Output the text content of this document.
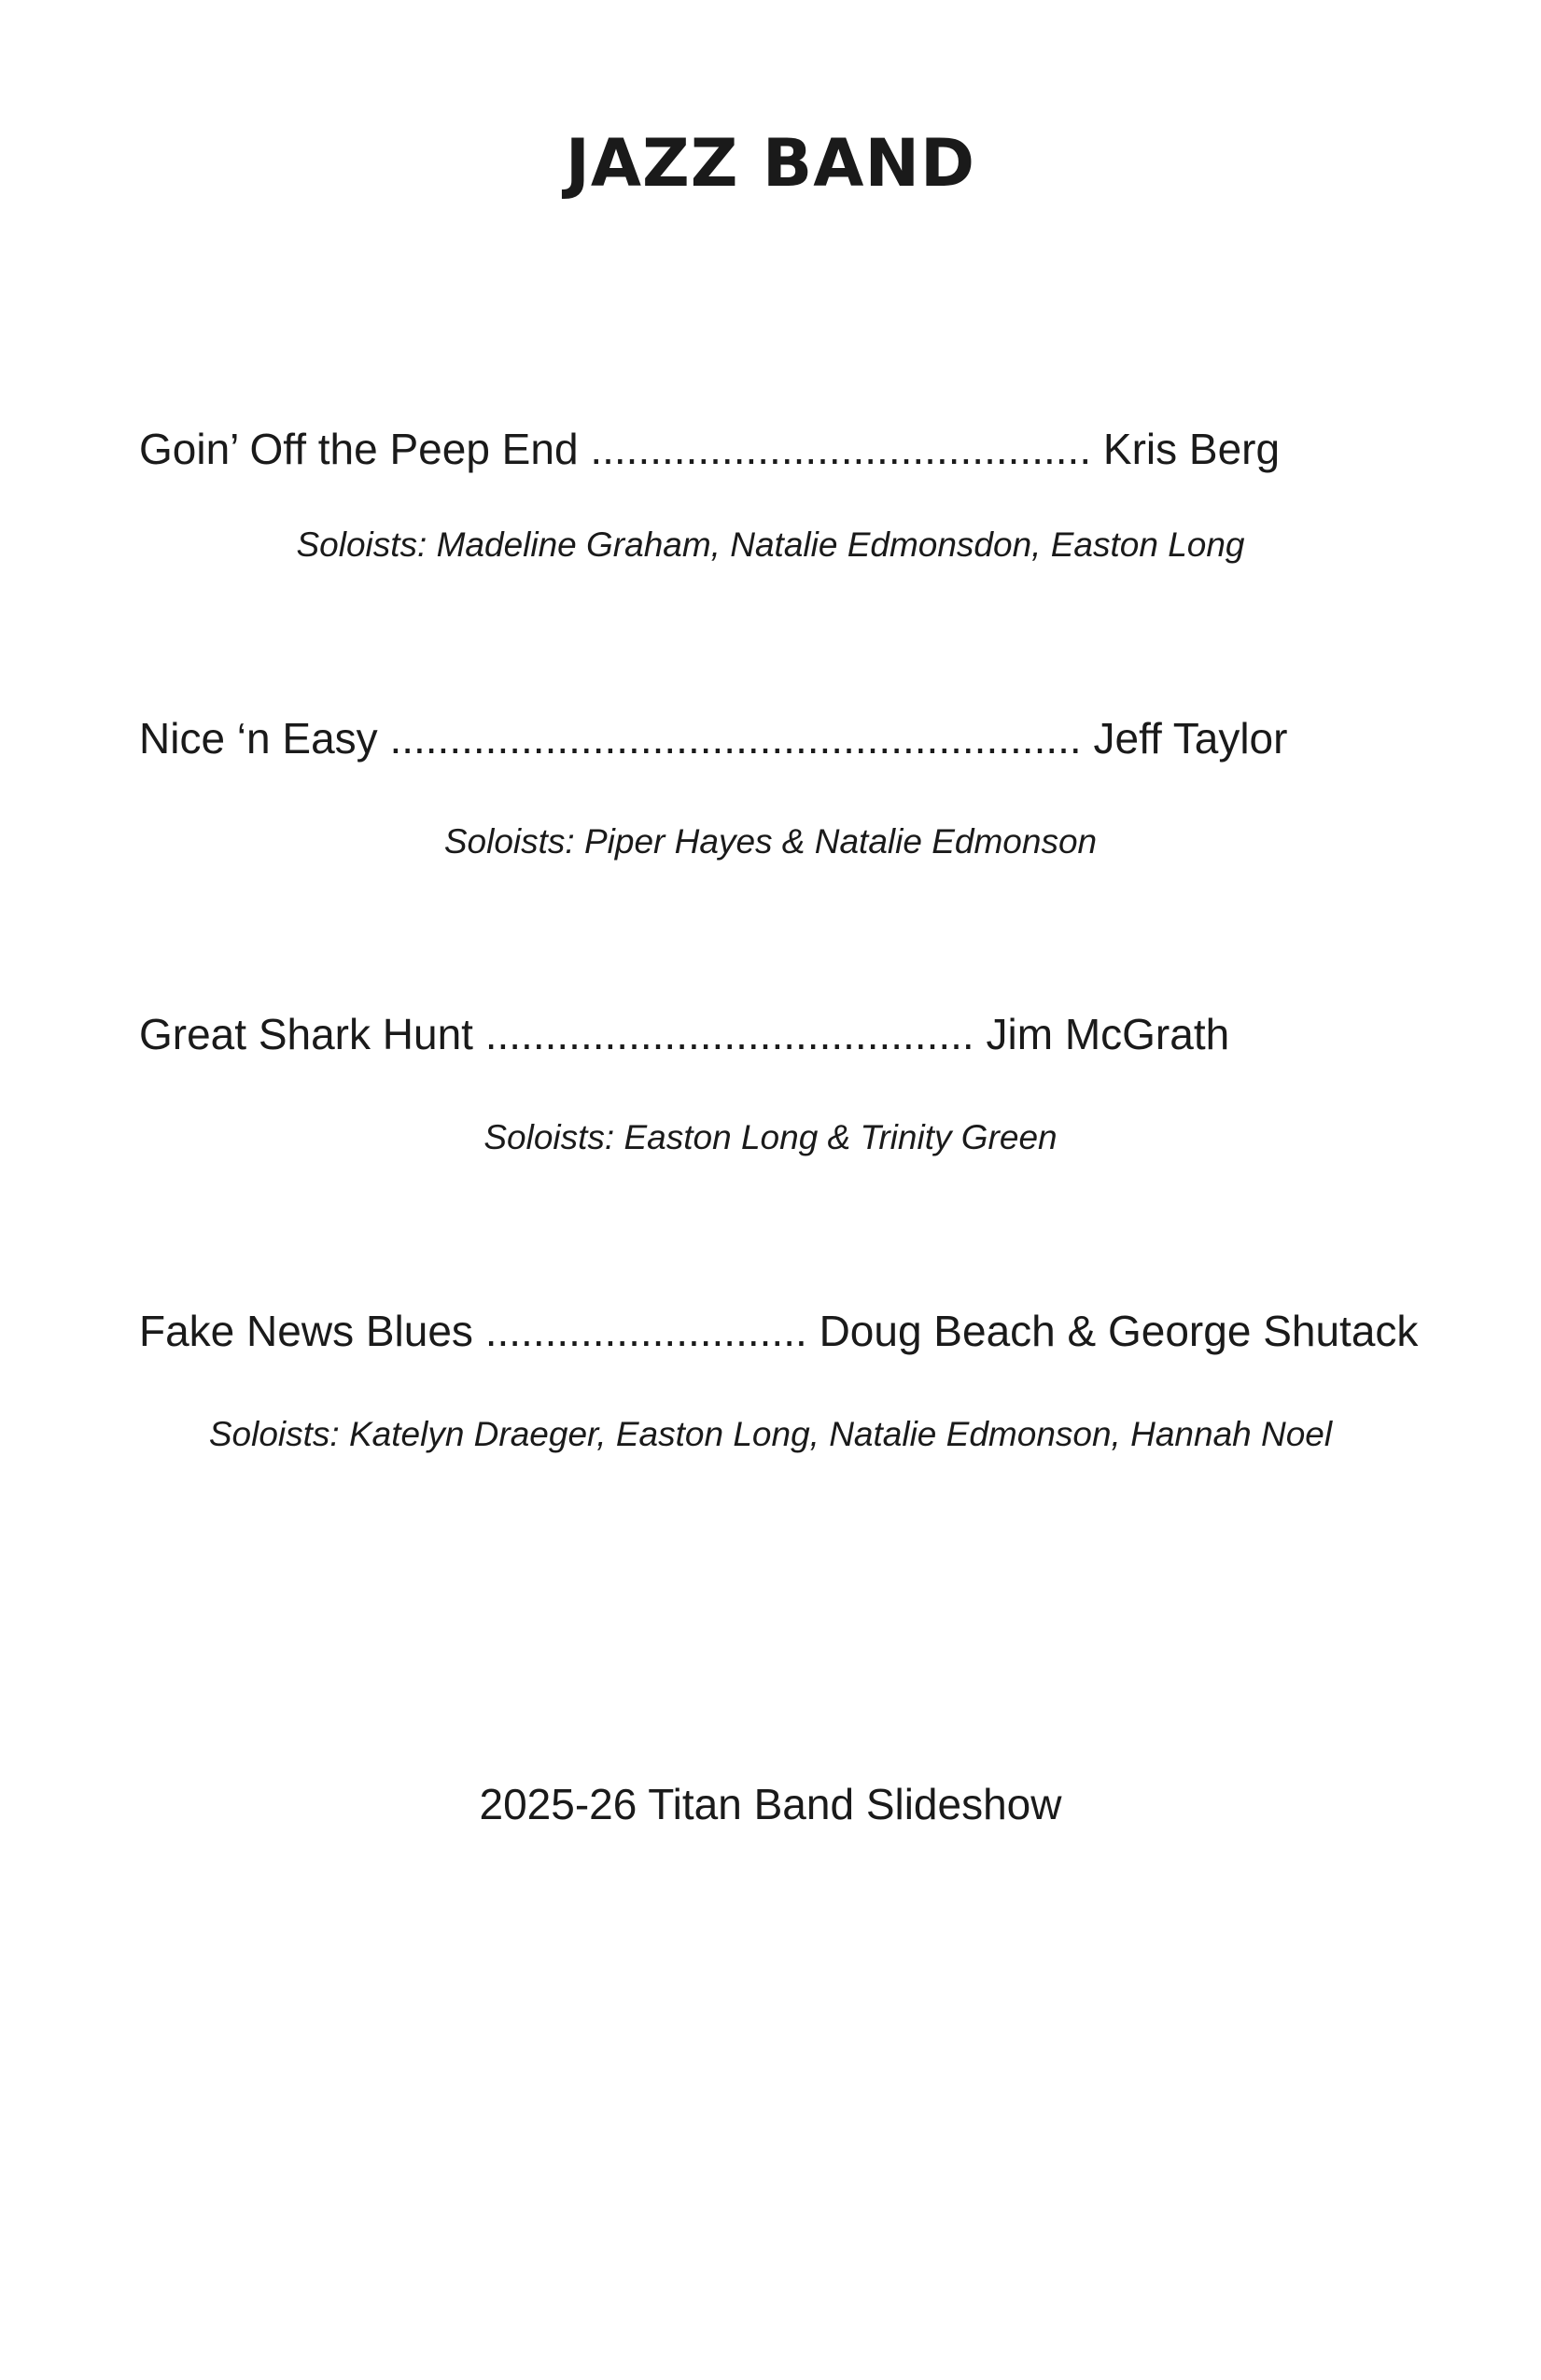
JAZZ BAND
Goin’ Off the Peep End .......................................... Kris Berg
Soloists: Madeline Graham, Natalie Edmonsdon, Easton Long
Nice ‘n Easy .......................................................... Jeff Taylor
Soloists: Piper Hayes & Natalie Edmonson
Great Shark Hunt ......................................... Jim McGrath
Soloists: Easton Long & Trinity Green
Fake News Blues ........................... Doug Beach & George Shutack
Soloists: Katelyn Draeger, Easton Long, Natalie Edmonson, Hannah Noel
2025-26 Titan Band Slideshow
